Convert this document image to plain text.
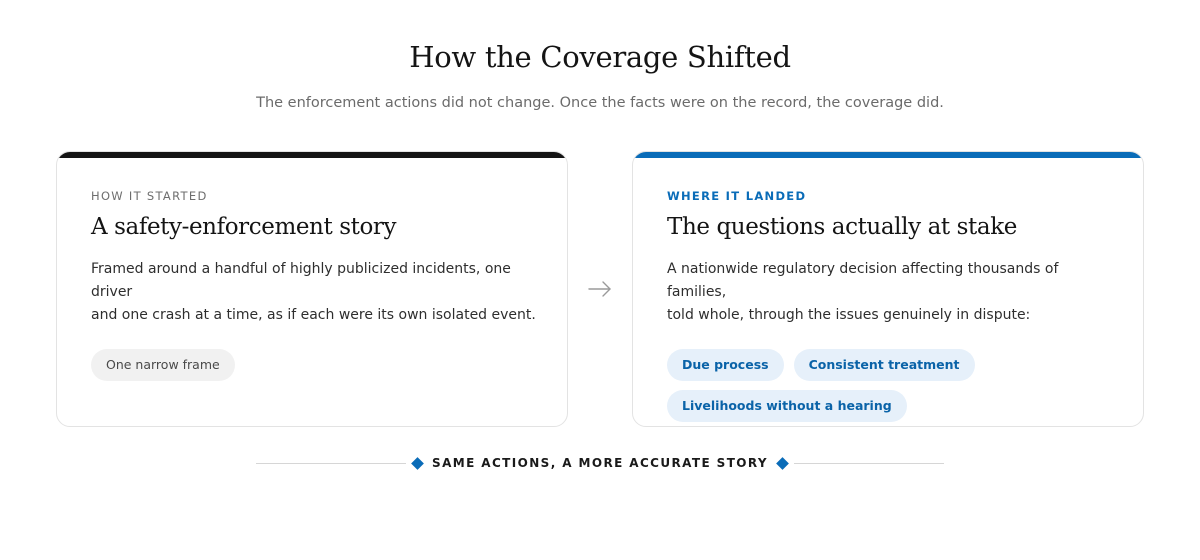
How the Coverage Shifted

The enforcement actions did not change. Once the facts were on the record, the coverage did.

HOW IT STARTED

A safety-enforcement story

Framed around a handful of highly publicized incidents, one driver
and one crash at a time, as if each were its own isolated event.

One narrow frame

WHERE IT LANDED

The questions actually at stake

A nationwide regulatory decision affecting thousands of families,
told whole, through the issues genuinely in dispute:

Due process	Consistent treatment
Livelihoods without a hearing
SAME ACTIONS, A MORE ACCURATE STORY
